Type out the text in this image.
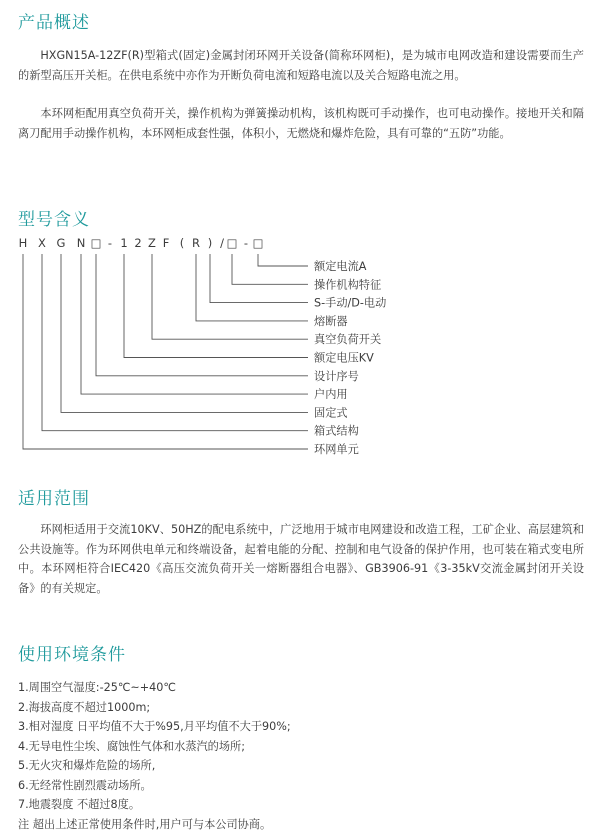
产品概述

HXGN15A-12ZF(R)型箱式(固定)金属封闭环网开关设备(简称环网柜)，是为城市电网改造和建设需要而生产的新型高压开关柜。在供电系统中亦作为开断负荷电流和短路电流以及关合短路电流之用。

本环网柜配用真空负荷开关，操作机构为弹簧操动机构，该机构既可手动操作，也可电动操作。接地开关和隔离刀配用手动操作机构，本环网柜成套性强，体积小，无燃烧和爆炸危险，具有可靠的“五防”功能。

型号含义
H X G N □ - 1 2 Z F ( R ) / □ - □
额定电流A
操作机构特征
S-手动/D-电动
熔断器
真空负荷开关
额定电压KV
设计序号
户内用
固定式
箱式结构
环网单元
适用范围

环网柜适用于交流10KV、50HZ的配电系统中，广泛地用于城市电网建设和改造工程，工矿企业、高层建筑和公共设施等。作为环网供电单元和终端设备，起着电能的分配、控制和电气设备的保护作用，也可装在箱式变电所中。本环网柜符合IEC420《高压交流负荷开关一熔断器组合电器》、GB3906-91《3-35kV交流金属封闭开关设备》的有关规定。

使用环境条件
1.周围空气湿度:-25℃~+40℃
2.海拔高度不超过1000m;
3.相对湿度 日平均值不大于%95,月平均值不大于90%;
4.无导电性尘埃、腐蚀性气体和水蒸汽的场所;
5.无火灾和爆炸危险的场所,
6.无经常性剧烈震动场所。
7.地震裂度 不超过8度。
注 超出上述正常使用条件时,用户可与本公司协商。
